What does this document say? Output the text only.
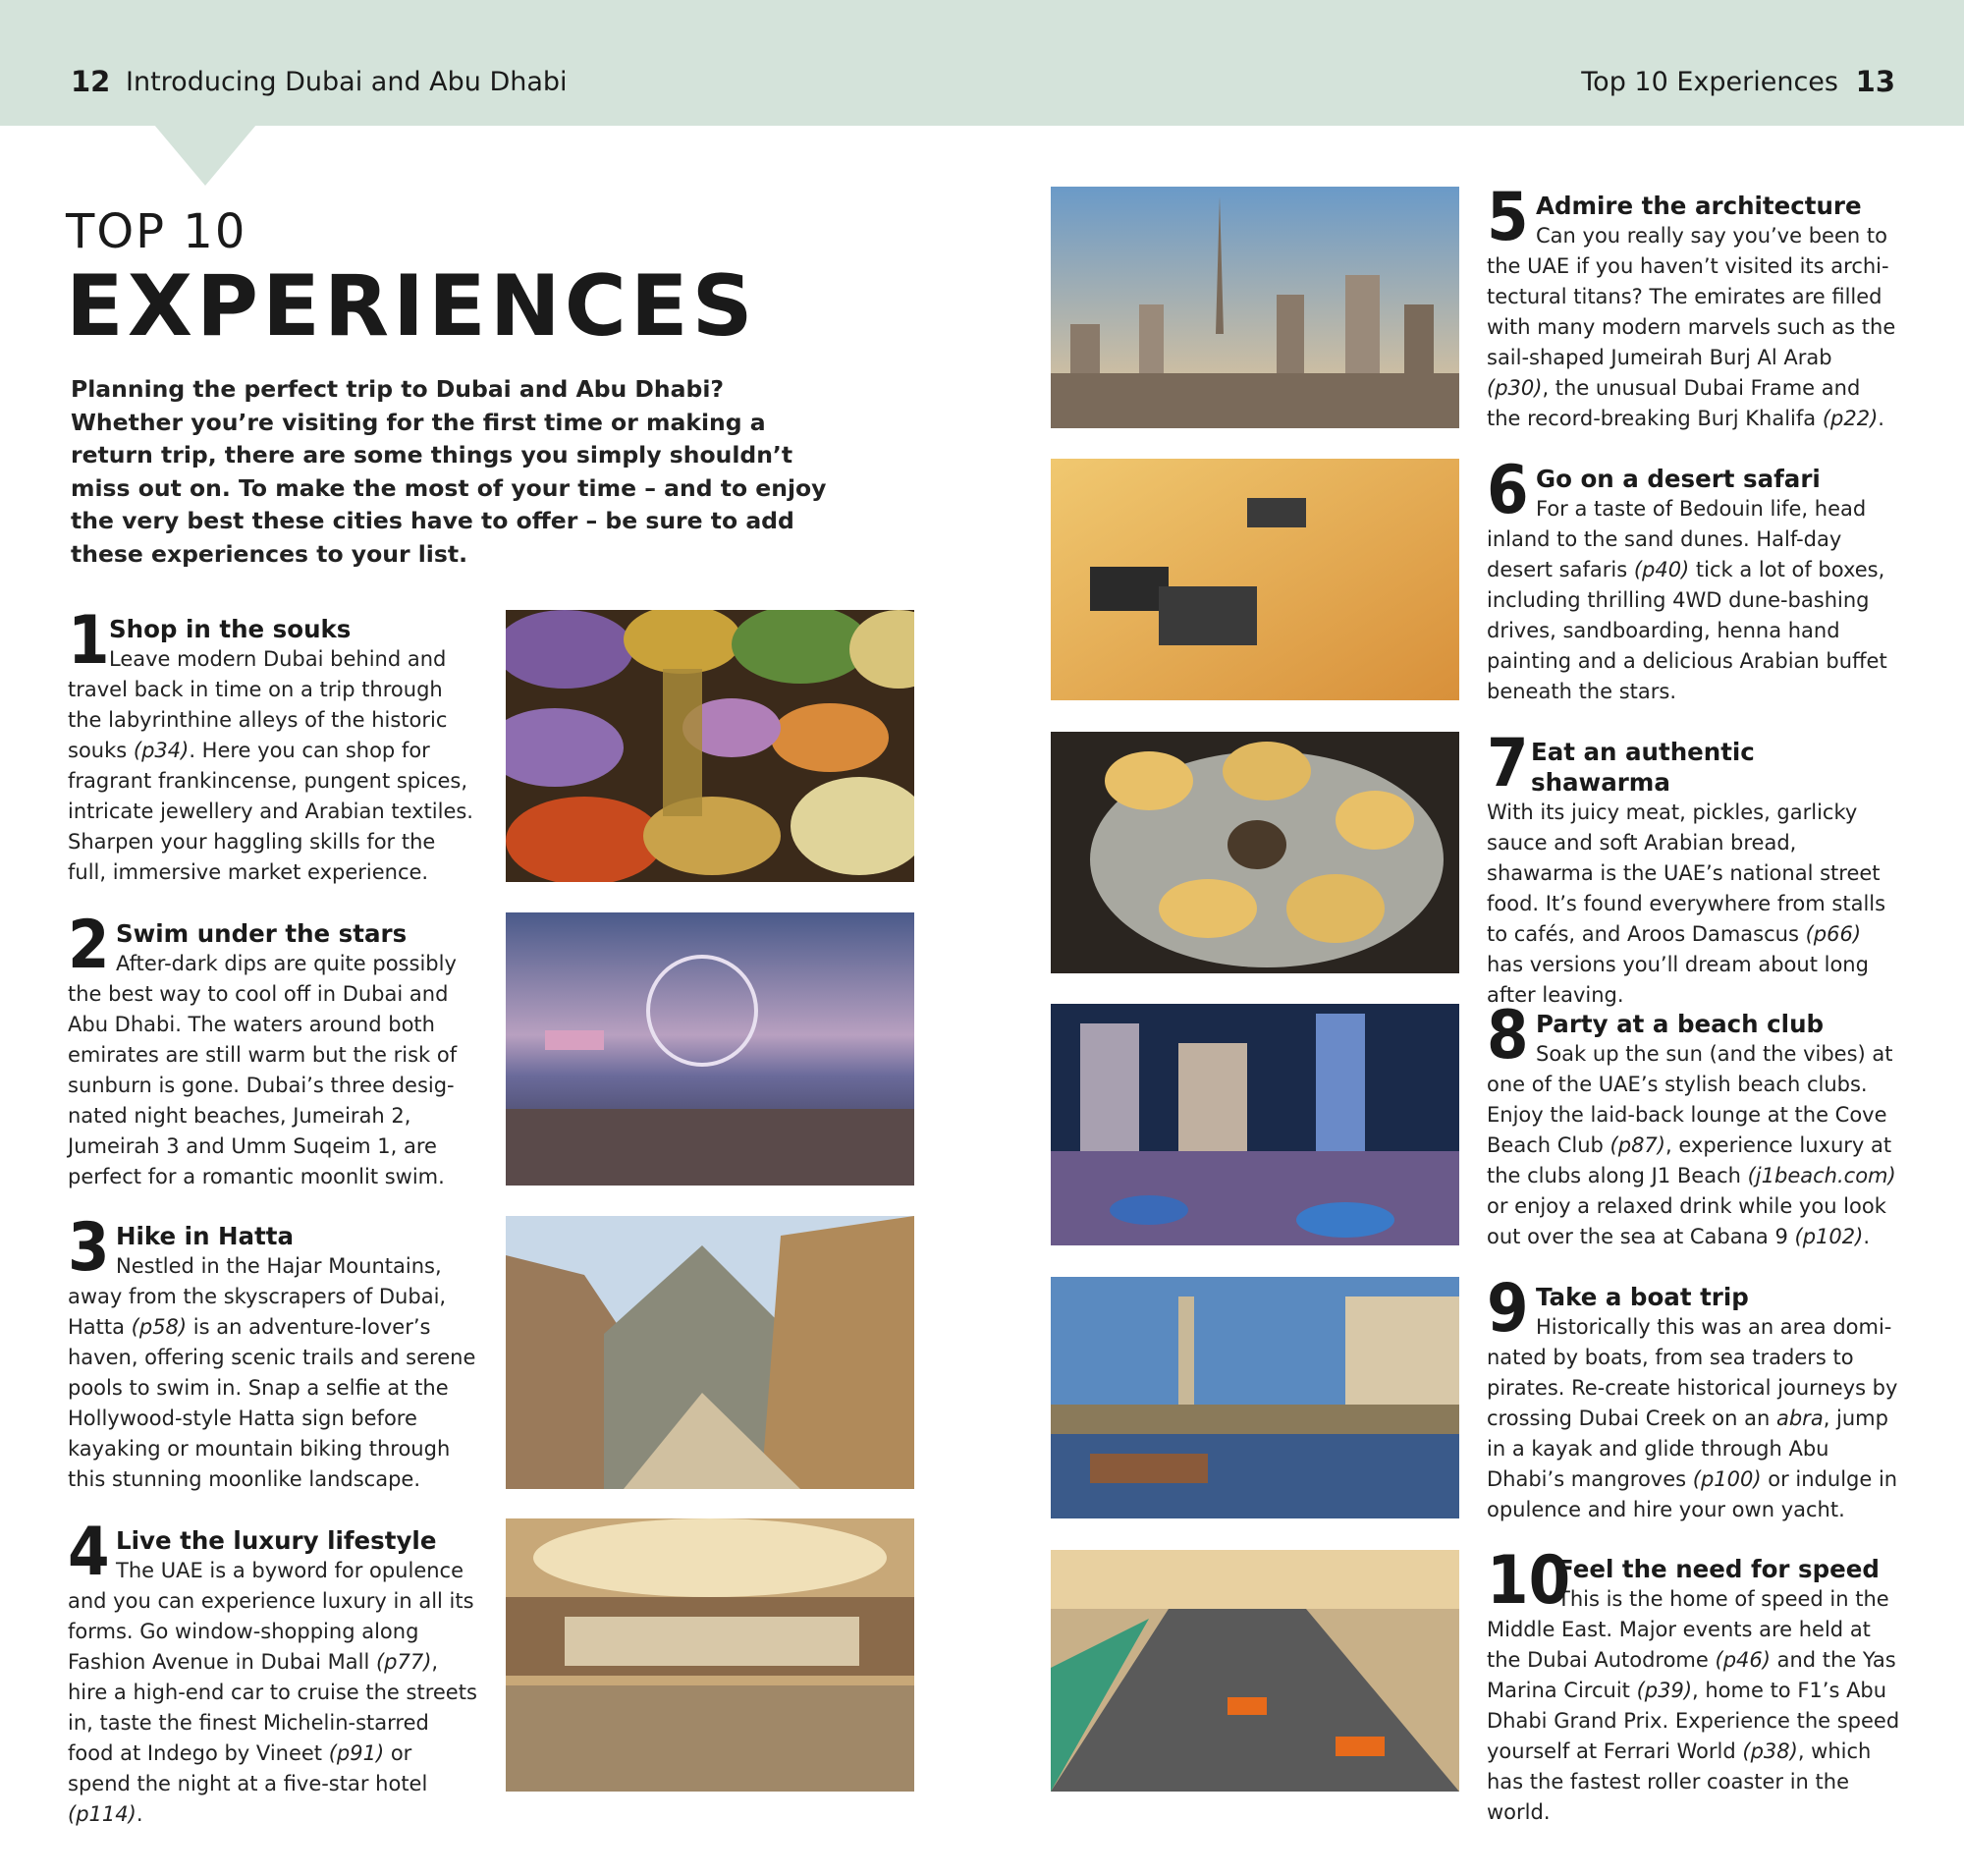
12 Introducing Dubai and Abu Dhabi	Top 10 Experiences 13
TOP 10
EXPERIENCES
Planning the perfect trip to Dubai and Abu Dhabi? Whether you’re visiting for the first time or making a return trip, there are some things you simply shouldn’t miss out on. To make the most of your time – and to enjoy the very best these cities have to offer – be sure to add these experiences to your list.
1 Shop in the souks
Leave modern Dubai behind and travel back in time on a trip through the labyrinthine alleys of the historic souks (p34). Here you can shop for fragrant frankincense, pungent spices, intricate jewellery and Arabian textiles. Sharpen your haggling skills for the full, immersive market experience.
2 Swim under the stars
After-dark dips are quite possibly the best way to cool off in Dubai and Abu Dhabi. The waters around both emirates are still warm but the risk of sunburn is gone. Dubai’s three desig-nated night beaches, Jumeirah 2, Jumeirah 3 and Umm Suqeim 1, are perfect for a romantic moonlit swim.
3 Hike in Hatta
Nestled in the Hajar Mountains, away from the skyscrapers of Dubai, Hatta (p58) is an adventure-lover’s haven, offering scenic trails and serene pools to swim in. Snap a selfie at the Hollywood-style Hatta sign before kayaking or mountain biking through this stunning moonlike landscape.
4 Live the luxury lifestyle
The UAE is a byword for opulence and you can experience luxury in all its forms. Go window-shopping along Fashion Avenue in Dubai Mall (p77), hire a high-end car to cruise the streets in, taste the finest Michelin-starred food at Indego by Vineet (p91) or spend the night at a five-star hotel (p114).
5 Admire the architecture
Can you really say you’ve been to the UAE if you haven’t visited its archi-tectural titans? The emirates are filled with many modern marvels such as the sail-shaped Jumeirah Burj Al Arab (p30), the unusual Dubai Frame and the record-breaking Burj Khalifa (p22).
6 Go on a desert safari
For a taste of Bedouin life, head inland to the sand dunes. Half-day desert safaris (p40) tick a lot of boxes, including thrilling 4WD dune-bashing drives, sandboarding, henna hand painting and a delicious Arabian buffet beneath the stars.
7 Eat an authentic shawarma
With its juicy meat, pickles, garlicky sauce and soft Arabian bread, shawarma is the UAE’s national street food. It’s found everywhere from stalls to cafés, and Aroos Damascus (p66) has versions you’ll dream about long after leaving.
8 Party at a beach club
Soak up the sun (and the vibes) at one of the UAE’s stylish beach clubs. Enjoy the laid-back lounge at the Cove Beach Club (p87), experience luxury at the clubs along J1 Beach (j1beach.com) or enjoy a relaxed drink while you look out over the sea at Cabana 9 (p102).
9 Take a boat trip
Historically this was an area domi-nated by boats, from sea traders to pirates. Re-create historical journeys by crossing Dubai Creek on an abra, jump in a kayak and glide through Abu Dhabi’s mangroves (p100) or indulge in opulence and hire your own yacht.
10
Feel the need for speed
This is the home of speed in the Middle East. Major events are held at the Dubai Autodrome (p46) and the Yas Marina Circuit (p39), home to F1’s Abu Dhabi Grand Prix. Experience the speed yourself at Ferrari World (p38), which has the fastest roller coaster in the world.
